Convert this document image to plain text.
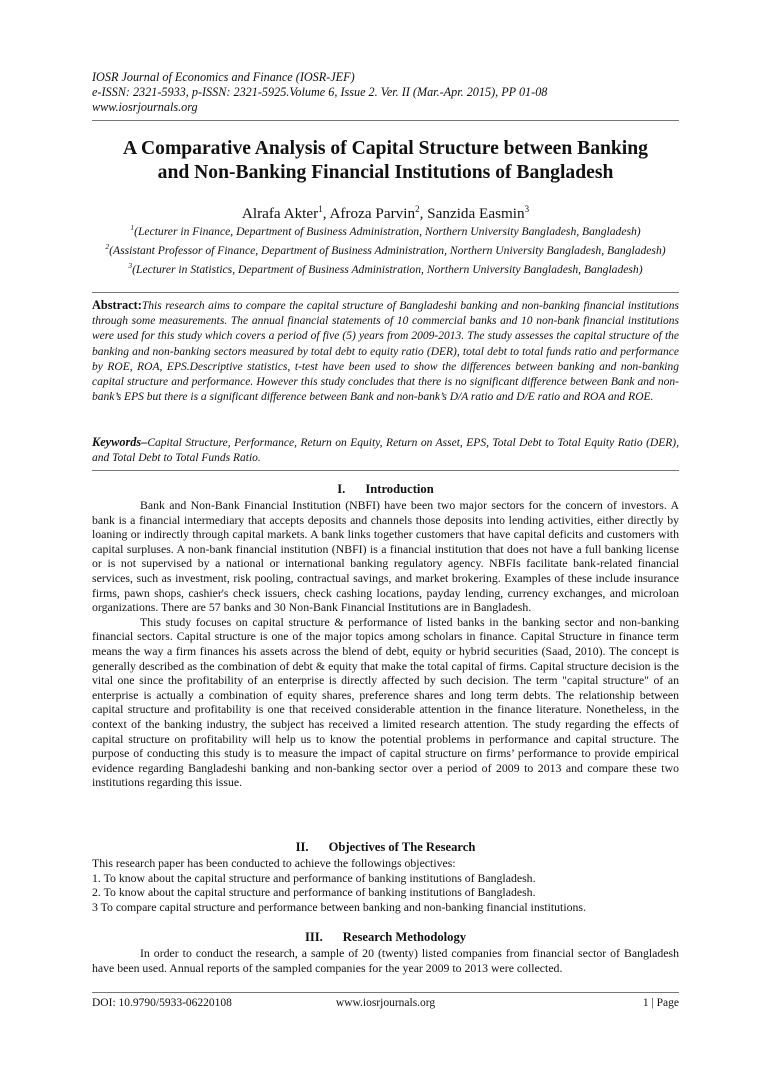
IOSR Journal of Economics and Finance (IOSR-JEF)
e-ISSN: 2321-5933, p-ISSN: 2321-5925.Volume 6, Issue 2. Ver. II (Mar.-Apr. 2015), PP 01-08
www.iosrjournals.org
A Comparative Analysis of Capital Structure between Banking
and Non-Banking Financial Institutions of Bangladesh
Alrafa Akter$^1$, Afroza Parvin$^2$, Sanzida Easmin$^3$
$^1$(Lecturer in Finance, Department of Business Administration, Northern University Bangladesh, Bangladesh)
$^2$(Assistant Professor of Finance, Department of Business Administration, Northern University Bangladesh, Bangladesh)
$^3$(Lecturer in Statistics, Department of Business Administration, Northern University Bangladesh, Bangladesh)
Abstract:This research aims to compare the capital structure of Bangladeshi banking and non-banking financial institutions through some measurements. The annual financial statements of 10 commercial banks and 10 non-bank financial institutions were used for this study which covers a period of five (5) years from 2009-2013. The study assesses the capital structure of the banking and non-banking sectors measured by total debt to equity ratio (DER), total debt to total funds ratio and performance by ROE, ROA, EPS.Descriptive statistics, t-test have been used to show the differences between banking and non-banking capital structure and performance. However this study concludes that there is no significant difference between Bank and non-bank’s EPS but there is a significant difference between Bank and non-bank’s D/A ratio and D/E ratio and ROA and ROE.
Keywords–Capital Structure, Performance, Return on Equity, Return on Asset, EPS, Total Debt to Total Equity Ratio (DER), and Total Debt to Total Funds Ratio.
I. Introduction

Bank and Non-Bank Financial Institution (NBFI) have been two major sectors for the concern of investors. A bank is a financial intermediary that accepts deposits and channels those deposits into lending activities, either directly by loaning or indirectly through capital markets. A bank links together customers that have capital deficits and customers with capital surpluses. A non-bank financial institution (NBFI) is a financial institution that does not have a full banking license or is not supervised by a national or international banking regulatory agency. NBFIs facilitate bank-related financial services, such as investment, risk pooling, contractual savings, and market brokering. Examples of these include insurance firms, pawn shops, cashier's check issuers, check cashing locations, payday lending, currency exchanges, and microloan organizations. There are 57 banks and 30 Non-Bank Financial Institutions are in Bangladesh.

This study focuses on capital structure & performance of listed banks in the banking sector and non-banking financial sectors. Capital structure is one of the major topics among scholars in finance. Capital Structure in finance term means the way a firm finances his assets across the blend of debt, equity or hybrid securities (Saad, 2010). The concept is generally described as the combination of debt & equity that make the total capital of firms. Capital structure decision is the vital one since the profitability of an enterprise is directly affected by such decision. The term "capital structure" of an enterprise is actually a combination of equity shares, preference shares and long term debts. The relationship between capital structure and profitability is one that received considerable attention in the finance literature. Nonetheless, in the context of the banking industry, the subject has received a limited research attention. The study regarding the effects of capital structure on profitability will help us to know the potential problems in performance and capital structure. The purpose of conducting this study is to measure the impact of capital structure on firms’ performance to provide empirical evidence regarding Bangladeshi banking and non-banking sector over a period of 2009 to 2013 and compare these two institutions regarding this issue.

II. Objectives of The Research

This research paper has been conducted to achieve the followings objectives:

1. To know about the capital structure and performance of banking institutions of Bangladesh.

2. To know about the capital structure and performance of banking institutions of Bangladesh.

3 To compare capital structure and performance between banking and non-banking financial institutions.

III. Research Methodology

In order to conduct the research, a sample of 20 (twenty) listed companies from financial sector of Bangladesh have been used. Annual reports of the sampled companies for the year 2009 to 2013 were collected.

DOI: 10.9790/5933-06220108	www.iosrjournals.org	1 | Page
